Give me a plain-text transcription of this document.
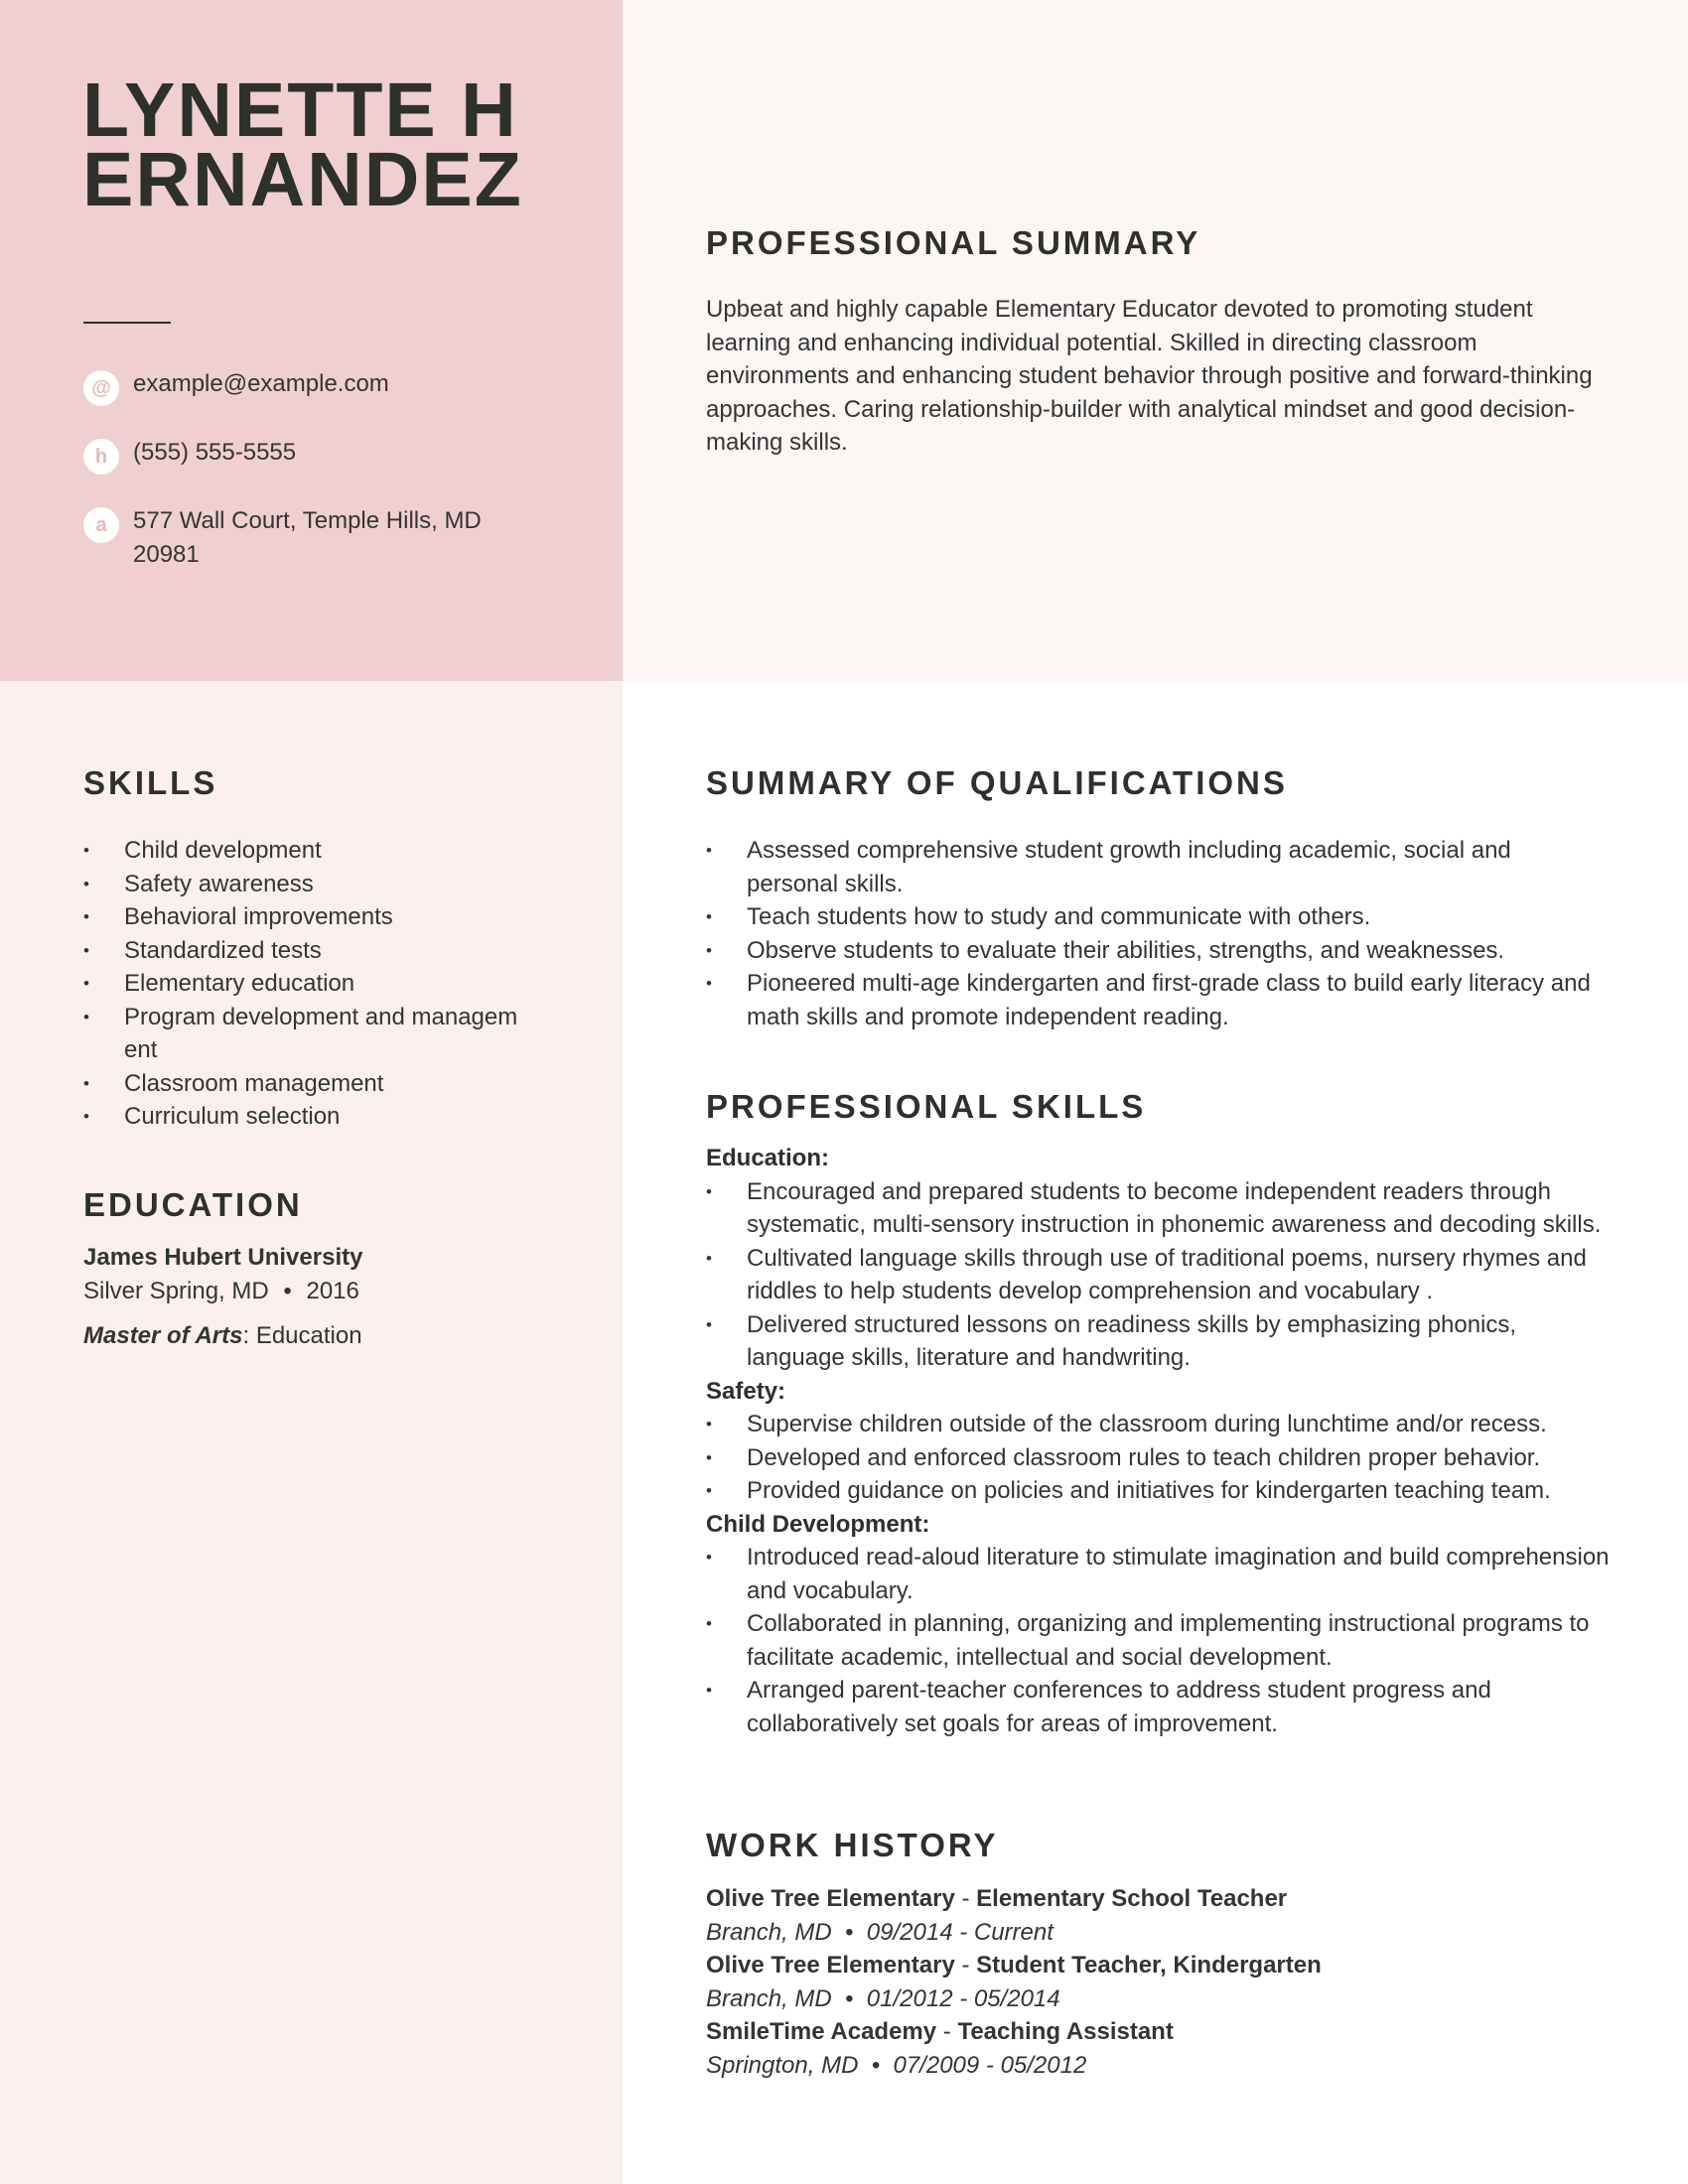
LYNETTE HERNANDEZ
@ example@example.com
h	(555) 555-5555
a	577 Wall Court, Temple Hills, MD 20981
PROFESSIONAL SUMMARY
Upbeat and highly capable Elementary Educator devoted to promoting student learning and enhancing individual potential. Skilled in directing classroom environments and enhancing student behavior through positive and forward-thinking approaches. Caring relationship-builder with analytical mindset and good decision-making skills.
SKILLS
• Child development
• Safety awareness
• Behavioral improvements
• Standardized tests
• Elementary education
• Program development and managem ent
• Classroom management
• Curriculum selection
EDUCATION
James Hubert University
Silver Spring, MD • 2016
Master of Arts: Education
SUMMARY OF QUALIFICATIONS
• Assessed comprehensive student growth including academic, social and personal skills.
• Teach students how to study and communicate with others.
• Observe students to evaluate their abilities, strengths, and weaknesses.
• Pioneered multi-age kindergarten and first-grade class to build early literacy and math skills and promote independent reading.
PROFESSIONAL SKILLS
Education:
• Encouraged and prepared students to become independent readers through systematic, multi-sensory instruction in phonemic awareness and decoding skills.
• Cultivated language skills through use of traditional poems, nursery rhymes and riddles to help students develop comprehension and vocabulary .
• Delivered structured lessons on readiness skills by emphasizing phonics, language skills, literature and handwriting.
Safety:
• Supervise children outside of the classroom during lunchtime and/or recess.
• Developed and enforced classroom rules to teach children proper behavior.
• Provided guidance on policies and initiatives for kindergarten teaching team.
Child Development:
• Introduced read-aloud literature to stimulate imagination and build comprehension and vocabulary.
• Collaborated in planning, organizing and implementing instructional programs to facilitate academic, intellectual and social development.
• Arranged parent-teacher conferences to address student progress and collaboratively set goals for areas of improvement.
WORK HISTORY
Olive Tree Elementary - Elementary School Teacher
Branch, MD  •  09/2014 - Current
Olive Tree Elementary - Student Teacher, Kindergarten
Branch, MD  •  01/2012 - 05/2014
SmileTime Academy - Teaching Assistant
Springton, MD  •  07/2009 - 05/2012
